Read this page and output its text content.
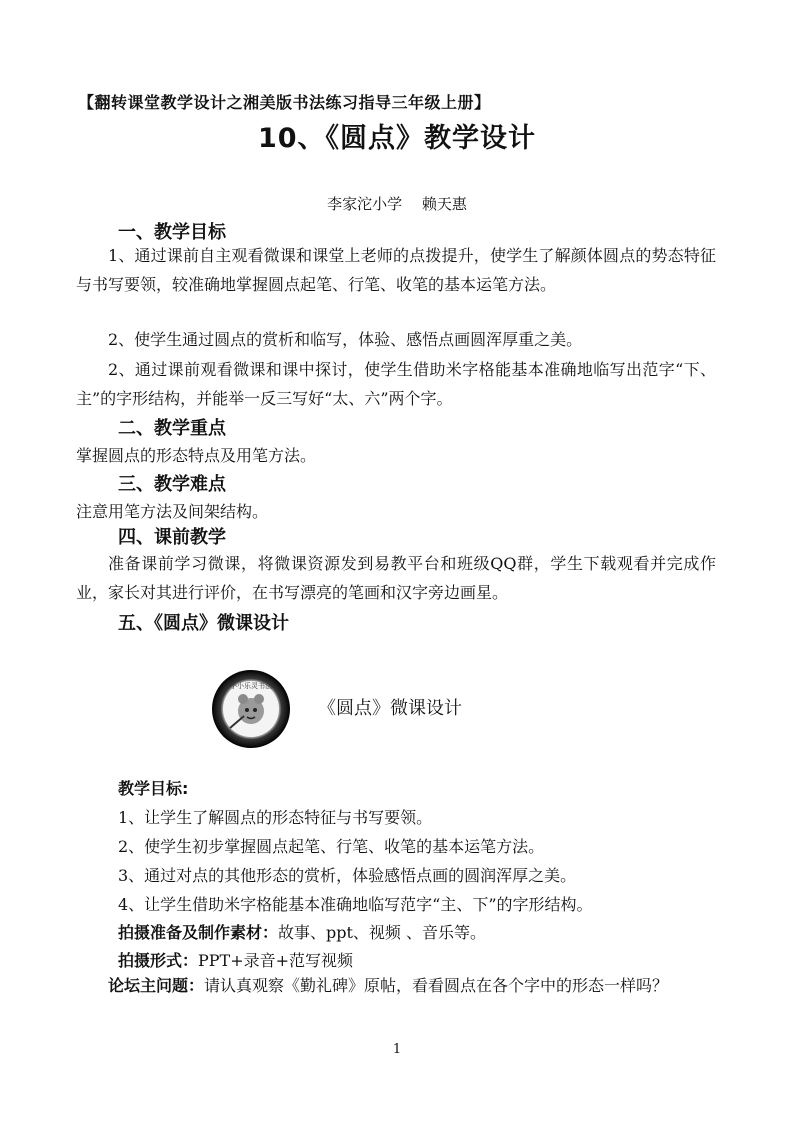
【翻转课堂教学设计之湘美版书法练习指导三年级上册】
10、《圆点》教学设计
李家沱小学　 赖天惠
一、教学目标

1、通过课前自主观看微课和课堂上老师的点拨提升，使学生了解颜体圆点的势态特征与书写要领，较准确地掌握圆点起笔、行笔、收笔的基本运笔方法。

2、使学生通过圆点的赏析和临写，体验、感悟点画圆浑厚重之美。

2、通过课前观看微课和课中探讨，使学生借助米字格能基本准确地临写出范字“下、主”的字形结构，并能举一反三写好“太、六”两个字。

二、教学重点
掌握圆点的形态特点及用笔方法。
三、教学难点
注意用笔方法及间架结构。
四、课前教学

准备课前学习微课，将微课资源发到易教平台和班级QQ群，学生下载观看并完成作业，家长对其进行评价，在书写漂亮的笔画和汉字旁边画星。

五、《圆点》微课设计
小小乐灵书法
《圆点》微课设计
教学目标:
1、让学生了解圆点的形态特征与书写要领。
2、使学生初步掌握圆点起笔、行笔、收笔的基本运笔方法。
3、通过对点的其他形态的赏析，体验感悟点画的圆润浑厚之美。
4、让学生借助米字格能基本准确地临写范字“主、下”的字形结构。
拍摄准备及制作素材：故事、ppt、视频 、音乐等。
拍摄形式：PPT+录音+范写视频

论坛主问题：请认真观察《勤礼碑》原帖，看看圆点在各个字中的形态一样吗？

1
